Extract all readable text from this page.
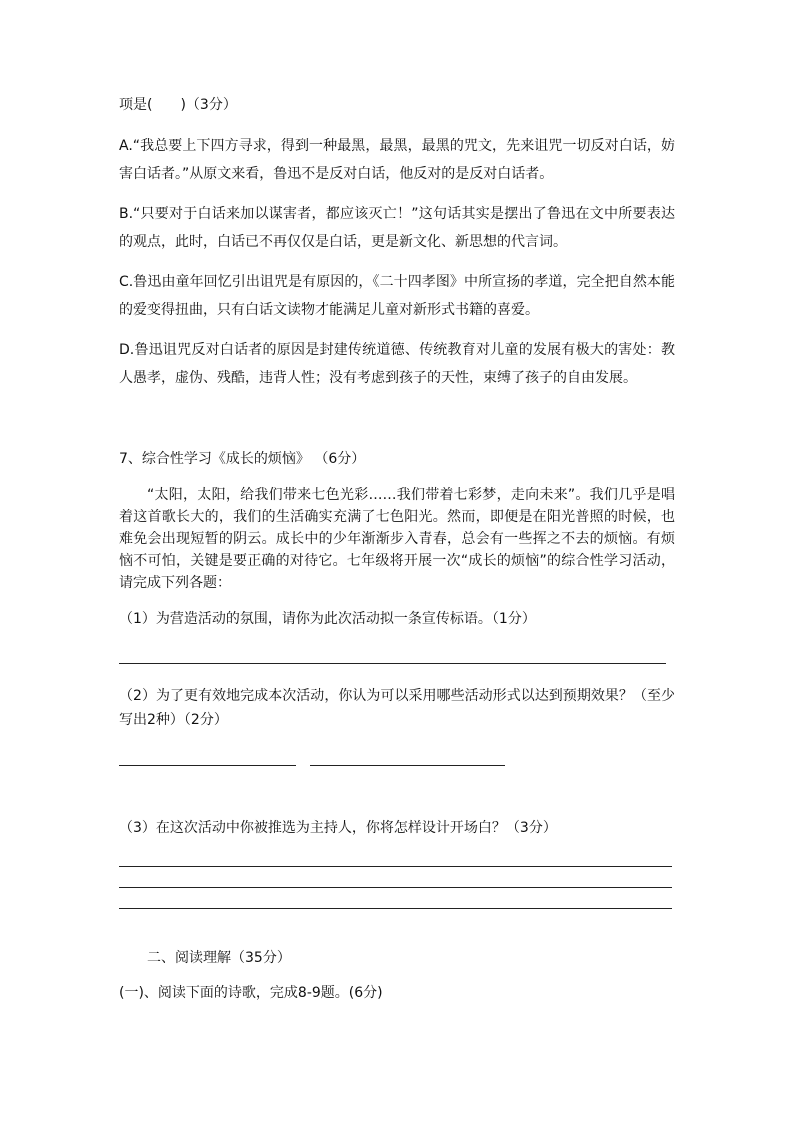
项是(　　)（3分）
A.“我总要上下四方寻求，得到一种最黑，最黑，最黑的咒文，先来诅咒一切反对白话，妨害白话者。”从原文来看，鲁迅不是反对白话，他反对的是反对白话者。
B.“只要对于白话来加以谋害者，都应该灭亡！”这句话其实是摆出了鲁迅在文中所要表达的观点，此时，白话已不再仅仅是白话，更是新文化、新思想的代言词。
C.鲁迅由童年回忆引出诅咒是有原因的，《二十四孝图》中所宣扬的孝道，完全把自然本能的爱变得扭曲，只有白话文读物才能满足儿童对新形式书籍的喜爱。
D.鲁迅诅咒反对白话者的原因是封建传统道德、传统教育对儿童的发展有极大的害处：教人愚孝，虚伪、残酷，违背人性；没有考虑到孩子的天性，束缚了孩子的自由发展。
7、综合性学习《成长的烦恼》 （6分）
“太阳，太阳，给我们带来七色光彩……我们带着七彩梦，走向未来”。我们几乎是唱着这首歌长大的，我们的生活确实充满了七色阳光。然而，即便是在阳光普照的时候，也难免会出现短暂的阴云。成长中的少年渐渐步入青春，总会有一些挥之不去的烦恼。有烦恼不可怕，关键是要正确的对待它。七年级将开展一次“成长的烦恼”的综合性学习活动，请完成下列各题：
（1）为营造活动的氛围，请你为此次活动拟一条宣传标语。（1分）
（2）为了更有效地完成本次活动，你认为可以采用哪些活动形式以达到预期效果？（至少写出2种）（2分）
（3）在这次活动中你被推选为主持人，你将怎样设计开场白？（3分）
二、阅读理解（35分）
(一)、阅读下面的诗歌，完成8-9题。(6分)
